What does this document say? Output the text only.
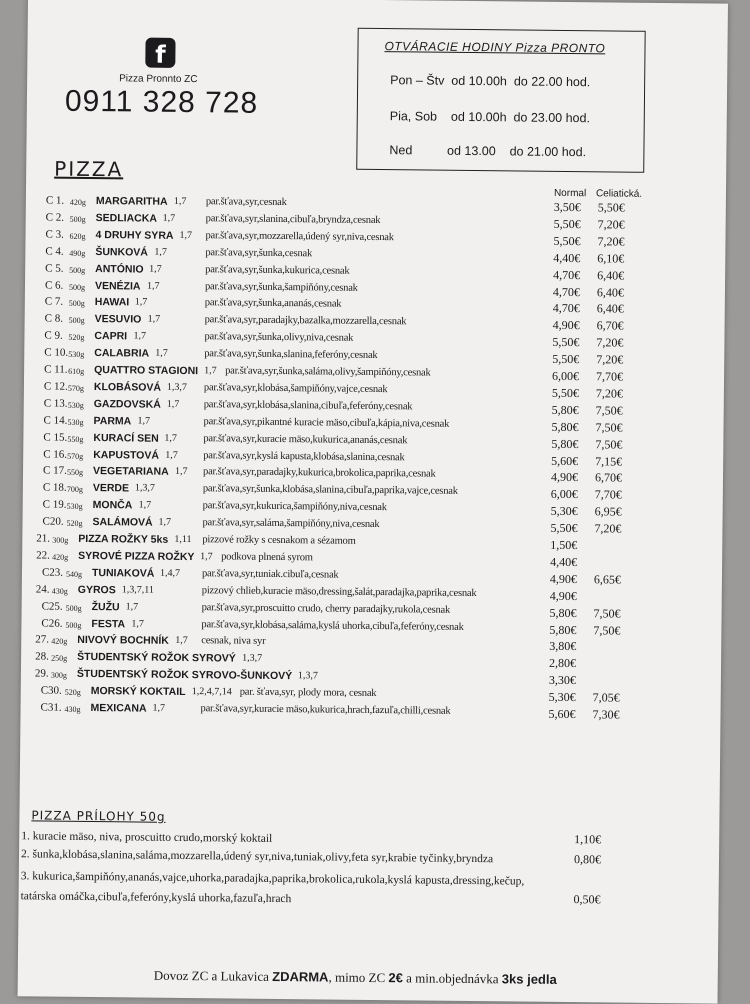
f
Pizza Pronnto ZC
0911 328 728
OTVÁRACIE HODINY Pizza PRONTO
Pon – Štv od 10.00h  do 22.00 hod.
Pia, Sob od 10.00h  do 23.00 hod.
Ned	od 13.00    do 21.00 hod.
PIZZA
Normal Celiatická.
C 1. 420g MARGARITHA 1,7 par.šťava,syr,cesnak	3,50€ 5,50€
C 2. 500g SEDLIACKA 1,7	par.šťava,syr,slanina,cibuľa,bryndza,cesnak	5,50€ 7,20€
C 3. 620g 4 DRUHY SYRA 1,7 par.šťava,syr,mozzarella,údený syr,niva,cesnak	5,50€ 7,20€
C 4. 490g ŠUNKOVÁ 1,7	par.šťava,syr,šunka,cesnak	4,40€ 6,10€
C 5. 500g ANTÓNIO 1,7	par.šťava,syr,šunka,kukurica,cesnak	4,70€ 6,40€
C 6. 500g VENÉZIA 1,7	par.šťava,syr,šunka,šampiňóny,cesnak	4,70€ 6,40€
C 7. 500g HAWAI 1,7	par.šťava,syr,šunka,ananás,cesnak	4,70€ 6,40€
C 8. 500g VESUVIO 1,7	par.šťava,syr,paradajky,bazalka,mozzarella,cesnak	4,90€ 6,70€
C 9. 520g CAPRI 1,7	par.šťava,syr,šunka,olivy,niva,cesnak	5,50€ 7,20€
C 10. 530g CALABRIA 1,7	par.šťava,syr,šunka,slanina,feferóny,cesnak	5,50€ 7,20€
C 11. 610g QUATTRO STAGIONI 1,7 par.šťava,syr,šunka,saláma,olivy,šampiňóny,cesnak	6,00€ 7,70€
C 12. 570g KLOBÁSOVÁ 1,3,7 par.šťava,syr,klobása,šampiňóny,vajce,cesnak	5,50€ 7,20€
C 13. 530g GAZDOVSKÁ 1,7 par.šťava,syr,klobása,slanina,cibuľa,feferóny,cesnak	5,80€ 7,50€
C 14. 530g PARMA 1,7	par.šťava,syr,pikantné kuracie mäso,cibuľa,kápia,niva,cesnak	5,80€ 7,50€
C 15. 550g KURACÍ SEN 1,7	par.šťava,syr,kuracie mäso,kukurica,ananás,cesnak	5,80€ 7,50€
C 16. 570g KAPUSTOVÁ 1,7 par.šťava,syr,kyslá kapusta,klobása,slanina,cesnak	5,60€ 7,15€
C 17. 550g VEGETARIANA 1,7 par.šťava,syr,paradajky,kukurica,brokolica,paprika,cesnak	4,90€ 6,70€
C 18. 700g VERDE 1,3,7	par.šťava,syr,šunka,klobása,slanina,cibuľa,paprika,vajce,cesnak	6,00€ 7,70€
C 19. 530g MONČA 1,7	par.šťava,syr,kukurica,šampiňóny,niva,cesnak	5,30€ 6,95€
C20. 520g SALÁMOVÁ 1,7	par.šťava,syr,saláma,šampiňóny,niva,cesnak	5,50€ 7,20€
21. 300g PIZZA ROŽKY 5ks 1,11 pizzové rožky s cesnakom a sézamom	1,50€
22. 420g SYROVÉ PIZZA ROŽKY 1,7 podkova plnená syrom	4,40€
C23. 540g TUNIAKOVÁ 1,4,7 par.šťava,syr,tuniak.cibuľa,cesnak	4,90€ 6,65€
24. 430g GYROS 1,3,7,11	pizzový chlieb,kuracie mäso,dressing,šalát,paradajka,paprika,cesnak	4,90€
C25. 500g ŽUŽU 1,7	par.šťava,syr,proscuitto crudo, cherry paradajky,rukola,cesnak	5,80€ 7,50€
C26. 500g FESTA 1,7	par.šťava,syr,klobása,saláma,kyslá uhorka,cibuľa,feferóny,cesnak	5,80€ 7,50€
27. 420g NIVOVÝ BOCHNÍK 1,7 cesnak, niva syr	3,80€
28. 250g ŠTUDENTSKÝ ROŽOK SYROVÝ 1,3,7	2,80€
29. 300g ŠTUDENTSKÝ ROŽOK SYROVO-ŠUNKOVÝ 1,3,7	3,30€
C30. 520g MORSKÝ KOKTAIL 1,2,4,7,14 par. šťava,syr, plody mora, cesnak	5,30€ 7,05€
C31. 430g MEXICANA 1,7	par.šťava,syr,kuracie mäso,kukurica,hrach,fazuľa,chilli,cesnak	5,60€ 7,30€
PIZZA PRÍLOHY 50g
1. kuracie mäso, niva, proscuitto crudo,morský koktail	1,10€
2. šunka,klobása,slanina,saláma,mozzarella,údený syr,niva,tuniak,olivy,feta syr,krabie tyčinky,bryndza	0,80€
3. kukurica,šampiňóny,ananás,vajce,uhorka,paradajka,paprika,brokolica,rukola,kyslá kapusta,dressing,kečup,
tatárska omáčka,cibuľa,feferóny,kyslá uhorka,fazuľa,hrach	0,50€
Dovoz ZC a Lukavica ZDARMA, mimo ZC 2€ a min.objednávka 3ks jedla
